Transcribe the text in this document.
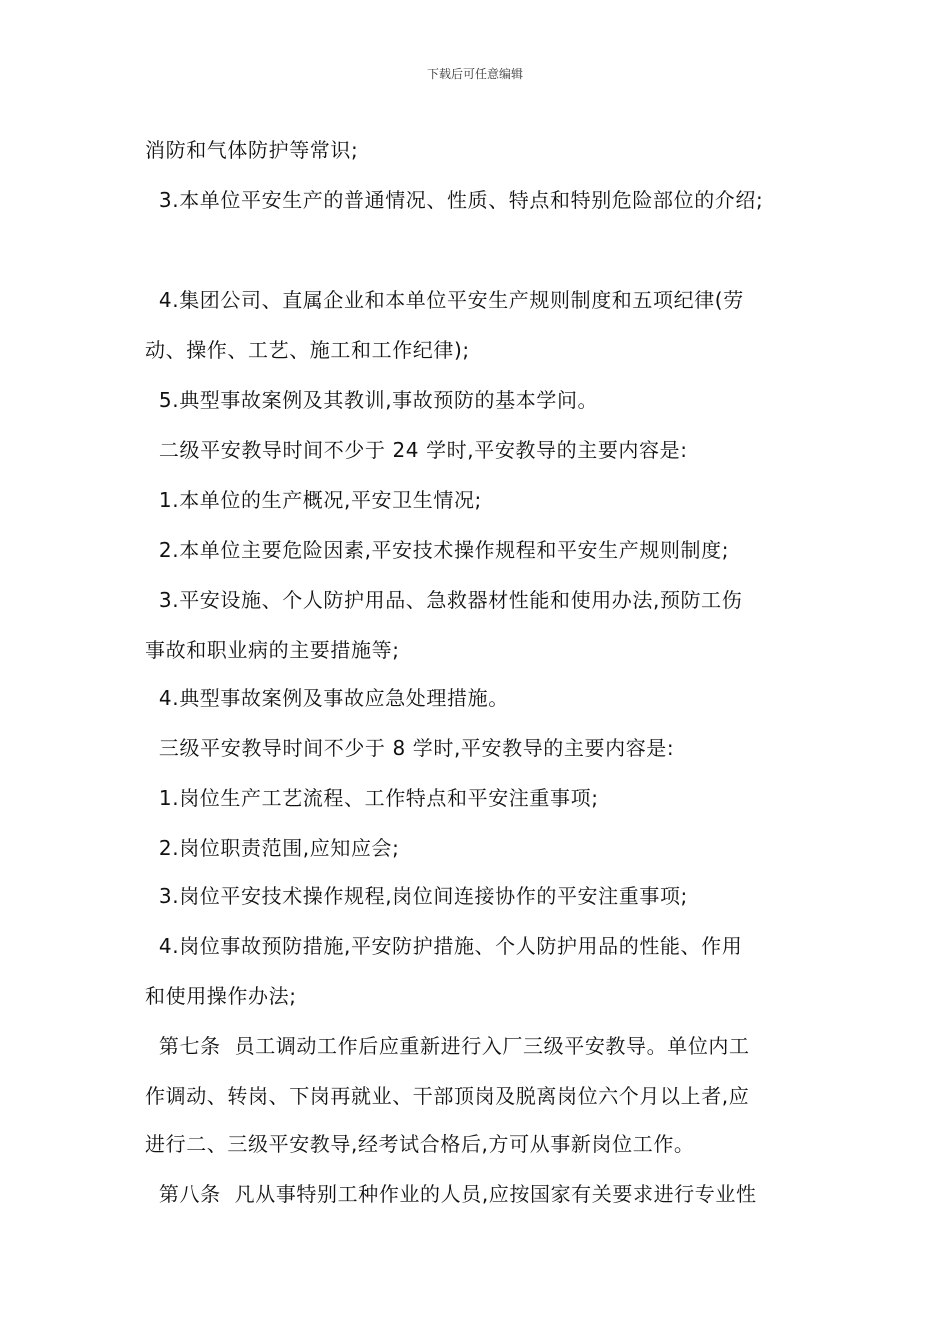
下载后可任意编辑
消防和气体防护等常识;
3.本单位平安生产的普通情况、性质、特点和特别危险部位的介绍;
4.集团公司、直属企业和本单位平安生产规则制度和五项纪律(劳
动、操作、工艺、施工和工作纪律);
5.典型事故案例及其教训,事故预防的基本学问。
二级平安教导时间不少于 24 学时,平安教导的主要内容是:
1.本单位的生产概况,平安卫生情况;
2.本单位主要危险因素,平安技术操作规程和平安生产规则制度;
3.平安设施、个人防护用品、急救器材性能和使用办法,预防工伤
事故和职业病的主要措施等;
4.典型事故案例及事故应急处理措施。
三级平安教导时间不少于 8 学时,平安教导的主要内容是:
1.岗位生产工艺流程、工作特点和平安注重事项;
2.岗位职责范围,应知应会;
3.岗位平安技术操作规程,岗位间连接协作的平安注重事项;
4.岗位事故预防措施,平安防护措施、个人防护用品的性能、作用
和使用操作办法;
第七条  员工调动工作后应重新进行入厂三级平安教导。单位内工
作调动、转岗、下岗再就业、干部顶岗及脱离岗位六个月以上者,应
进行二、三级平安教导,经考试合格后,方可从事新岗位工作。
第八条  凡从事特别工种作业的人员,应按国家有关要求进行专业性
